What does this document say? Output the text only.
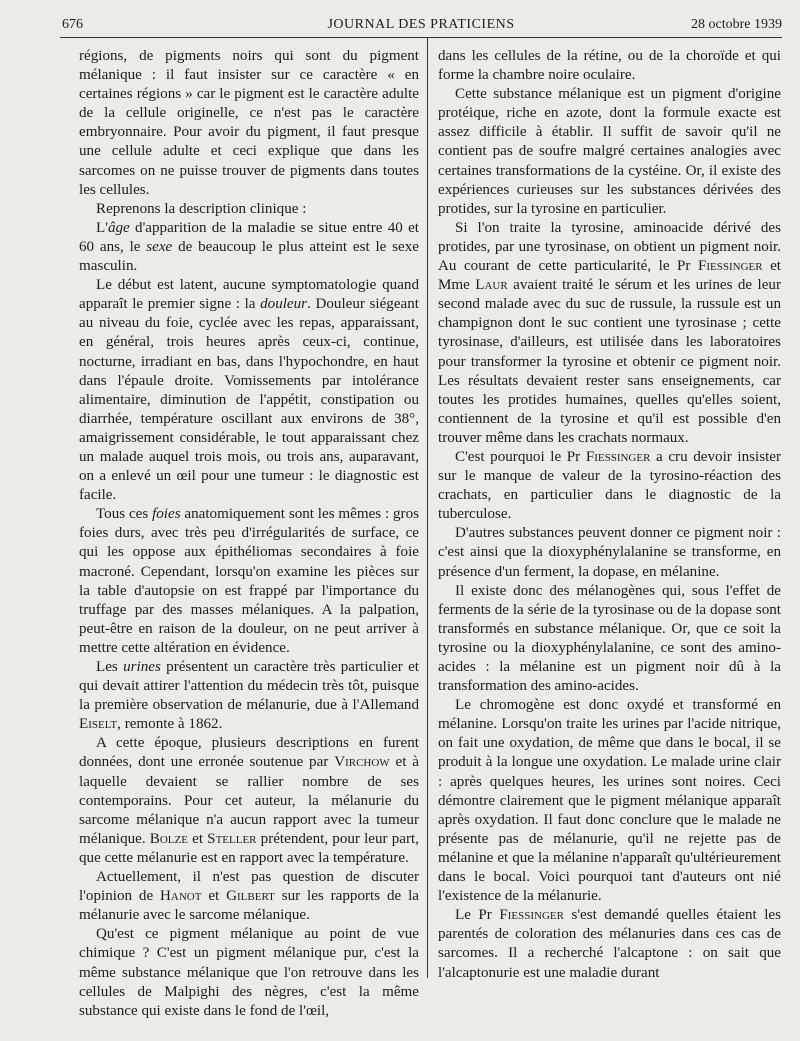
676	JOURNAL DES PRATICIENS	28 octobre 1939

régions, de pigments noirs qui sont du pigment mélanique : il faut insister sur ce caractère « en certaines régions » car le pigment est le caractère adulte de la cellule originelle, ce n'est pas le caractère embryonnaire. Pour avoir du pigment, il faut presque une cellule adulte et ceci explique que dans les sarcomes on ne puisse trouver de pigments dans toutes les cellules.

Reprenons la description clinique :

L'âge d'apparition de la maladie se situe entre 40 et 60 ans, le sexe de beaucoup le plus atteint est le sexe masculin.

Le début est latent, aucune symptomatologie quand apparaît le premier signe : la douleur. Douleur siégeant au niveau du foie, cyclée avec les repas, apparaissant, en général, trois heures après ceux-ci, continue, nocturne, irradiant en bas, dans l'hypochondre, en haut dans l'épaule droite. Vomissements par intolérance alimentaire, diminution de l'appétit, constipation ou diarrhée, température oscillant aux environs de 38°, amaigrissement considérable, le tout apparaissant chez un malade auquel trois mois, ou trois ans, auparavant, on a enlevé un œil pour une tumeur : le diagnostic est facile.

Tous ces foies anatomiquement sont les mêmes : gros foies durs, avec très peu d'irrégularités de surface, ce qui les oppose aux épithéliomas secondaires à foie macroné. Cependant, lorsqu'on examine les pièces sur la table d'autopsie on est frappé par l'importance du truffage par des masses mélaniques. A la palpation, peut-être en raison de la douleur, on ne peut arriver à mettre cette altération en évidence.

Les urines présentent un caractère très particulier et qui devait attirer l'attention du médecin très tôt, puisque la première observation de mélanurie, due à l'Allemand Eiselt, remonte à 1862.

A cette époque, plusieurs descriptions en furent données, dont une erronée soutenue par Virchow et à laquelle devaient se rallier nombre de ses contemporains. Pour cet auteur, la mélanurie du sarcome mélanique n'a aucun rapport avec la tumeur mélanique. Bolze et Steller prétendent, pour leur part, que cette mélanurie est en rapport avec la température.

Actuellement, il n'est pas question de discuter l'opinion de Hanot et Gilbert sur les rapports de la mélanurie avec le sarcome mélanique.

Qu'est ce pigment mélanique au point de vue chimique ? C'est un pigment mélanique pur, c'est la même substance mélanique que l'on retrouve dans les cellules de Malpighi des nègres, c'est la même substance qui existe dans le fond de l'œil,

dans les cellules de la rétine, ou de la choroïde et qui forme la chambre noire oculaire.

Cette substance mélanique est un pigment d'origine protéique, riche en azote, dont la formule exacte est assez difficile à établir. Il suffit de savoir qu'il ne contient pas de soufre malgré certaines analogies avec certaines transformations de la cystéine. Or, il existe des expériences curieuses sur les substances dérivées des protides, sur la tyrosine en particulier.

Si l'on traite la tyrosine, aminoacide dérivé des protides, par une tyrosinase, on obtient un pigment noir. Au courant de cette particularité, le Pr Fiessinger et Mme Laur avaient traité le sérum et les urines de leur second malade avec du suc de russule, la russule est un champignon dont le suc contient une tyrosinase ; cette tyrosinase, d'ailleurs, est utilisée dans les laboratoires pour transformer la tyrosine et obtenir ce pigment noir. Les résultats devaient rester sans enseignements, car toutes les protides humaines, quelles qu'elles soient, contiennent de la tyrosine et qu'il est possible d'en trouver même dans les crachats normaux.

C'est pourquoi le Pr Fiessinger a cru devoir insister sur le manque de valeur de la tyrosino-réaction des crachats, en particulier dans le diagnostic de la tuberculose.

D'autres substances peuvent donner ce pigment noir : c'est ainsi que la dioxyphénylalanine se transforme, en présence d'un ferment, la dopase, en mélanine.

Il existe donc des mélanogènes qui, sous l'effet de ferments de la série de la tyrosinase ou de la dopase sont transformés en substance mélanique. Or, que ce soit la tyrosine ou la dioxyphénylalanine, ce sont des amino-acides : la mélanine est un pigment noir dû à la transformation des amino-acides.

Le chromogène est donc oxydé et transformé en mélanine. Lorsqu'on traite les urines par l'acide nitrique, on fait une oxydation, de même que dans le bocal, il se produit à la longue une oxydation. Le malade urine clair : après quelques heures, les urines sont noires. Ceci démontre clairement que le pigment mélanique apparaît après oxydation. Il faut donc conclure que le malade ne présente pas de mélanurie, qu'il ne rejette pas de mélanine et que la mélanine n'apparaît qu'ultérieurement dans le bocal. Voici pourquoi tant d'auteurs ont nié l'existence de la mélanurie.

Le Pr Fiessinger s'est demandé quelles étaient les parentés de coloration des mélanuries dans ces cas de sarcomes. Il a recherché l'alcaptone : on sait que l'alcaptonurie est une maladie durant
